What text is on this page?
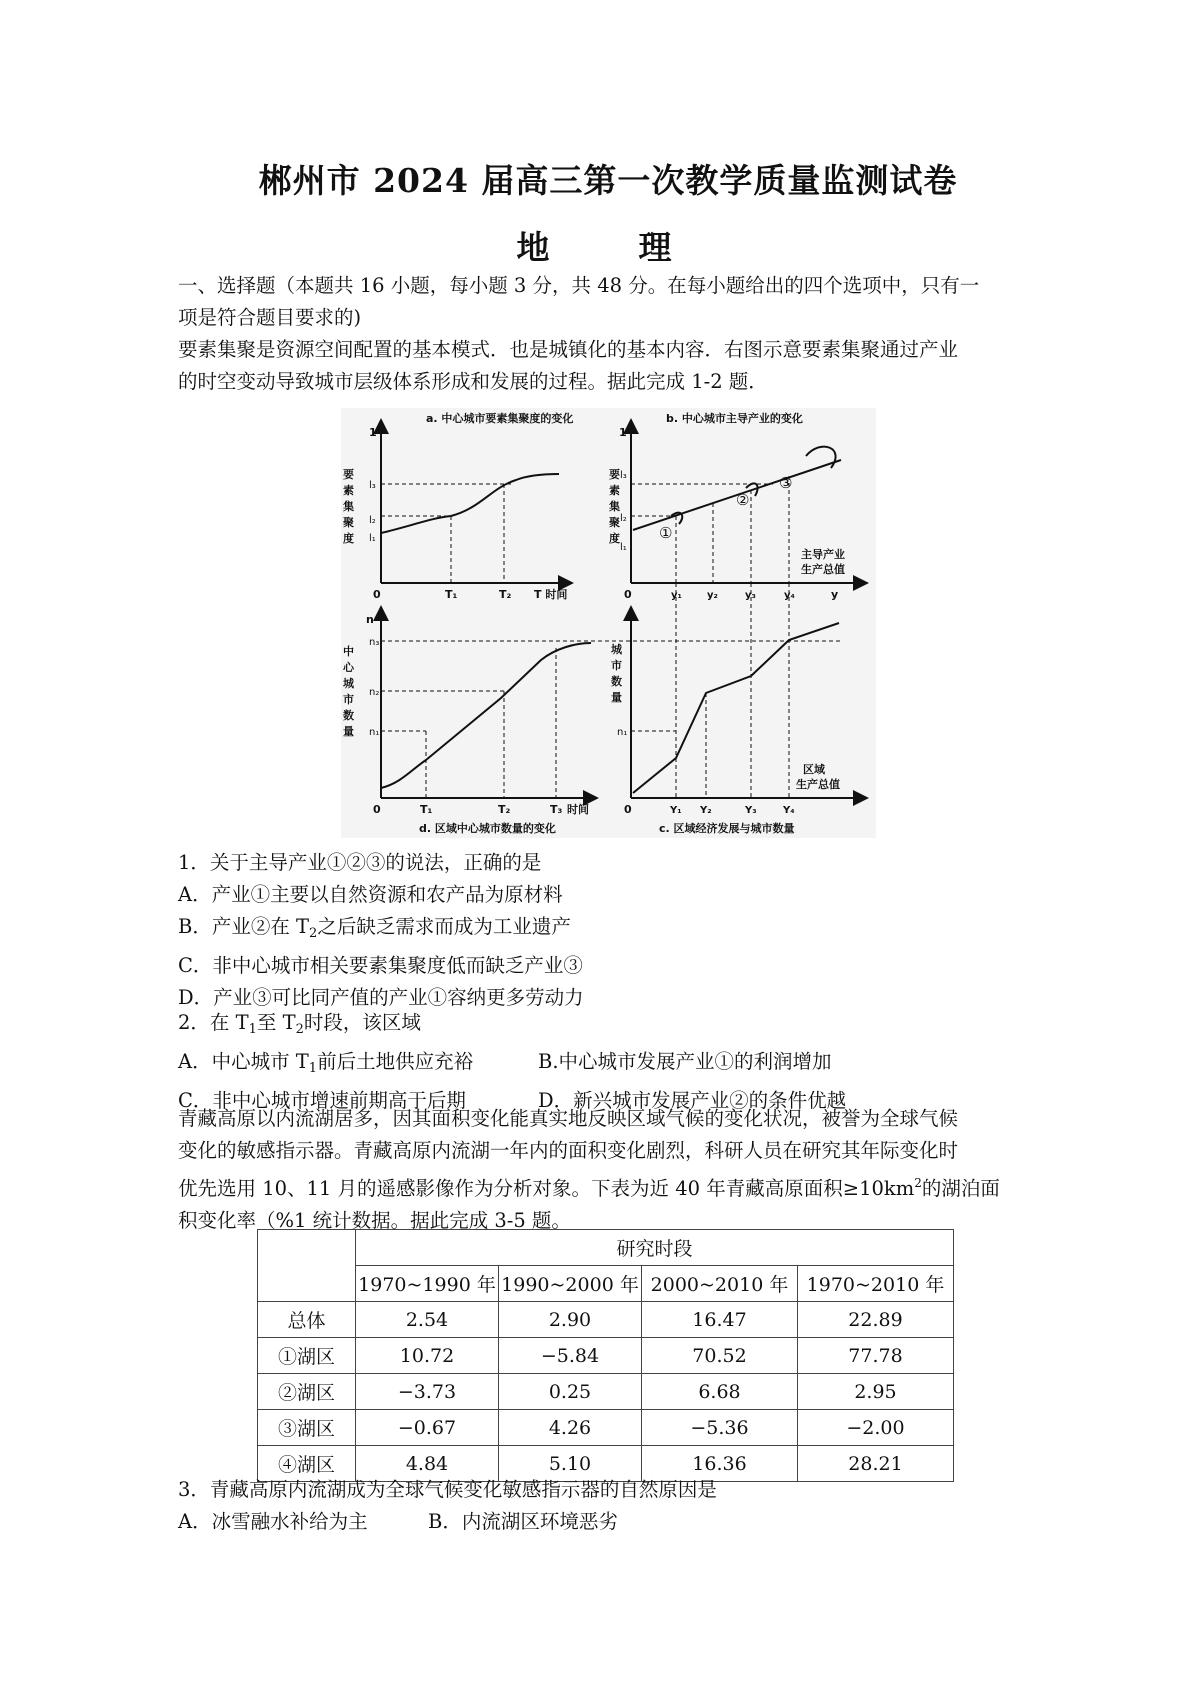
郴州市 2024 届高三第一次教学质量监测试卷
地　理

一、选择题（本题共 16 小题，每小题 3 分，共 48 分。在每小题给出的四个选项中，只有一

项是符合题目要求的)

要素集聚是资源空间配置的基本模式．也是城镇化的基本内容．右图示意要素集聚通过产业

的时空变动导致城市层级体系形成和发展的过程。据此完成 1-2 题．

a. 中心城市要素集聚度的变化
1
0
要
素
集
聚
度
l₃
l₂
l₁
T₁	T₂ T 时间
b. 中心城市主导产业的变化
1
要
素
集
聚
度
l₃
l₂
l₁
①
②
③
0	y₁	y₂	y₃	y₄	y
主导产业
生产总值
n
中
心
城
市
数
量
n₃
n₂
n₁
0	T₁	T₂	T₃ 时间
d. 区域中心城市数量的变化
城
市
数
量
n₁
0	Y₁ Y₂	Y₃	Y₄
区域
生产总值
c. 区域经济发展与城市数量

1．关于主导产业①②③的说法，正确的是

A．产业①主要以自然资源和农产品为原材料

B．产业②在 $T_2$之后缺乏需求而成为工业遗产

C．非中心城市相关要素集聚度低而缺乏产业③

D．产业③可比同产值的产业①容纳更多劳动力

2．在 $T_1$至 $T_2$时段，该区域

A．中心城市 T1前后土地供应充裕	B.中心城市发展产业①的利润增加
C．非中心城市增速前期高于后期	D．新兴城市发展产业②的条件优越

青藏高原以内流湖居多，因其面积变化能真实地反映区域气候的变化状况，被誉为全球气候

变化的敏感指示器。青藏高原内流湖一年内的面积变化剧烈，科研人员在研究其年际变化时

优先选用 10、11 月的遥感影像作为分析对象。下表为近 40 年青藏高原面积$\ge 10km^2$的湖泊面

积变化率（%1 统计数据。据此完成 3-5 题。

	研究时段			
	1970~1990 年	1990~2000 年	2000~2010 年	1970~2010 年
总体	2.54	2.90	16.47	22.89
①湖区	10.72	−5.84	70.52	77.78
②湖区	−3.73	0.25	6.68	2.95
③湖区	−0.67	4.26	−5.36	−2.00
④湖区	4.84	5.10	16.36	28.21

3．青藏高原内流湖成为全球气候变化敏感指示器的自然原因是

A．冰雪融水补给为主	B．内流湖区环境恶劣
